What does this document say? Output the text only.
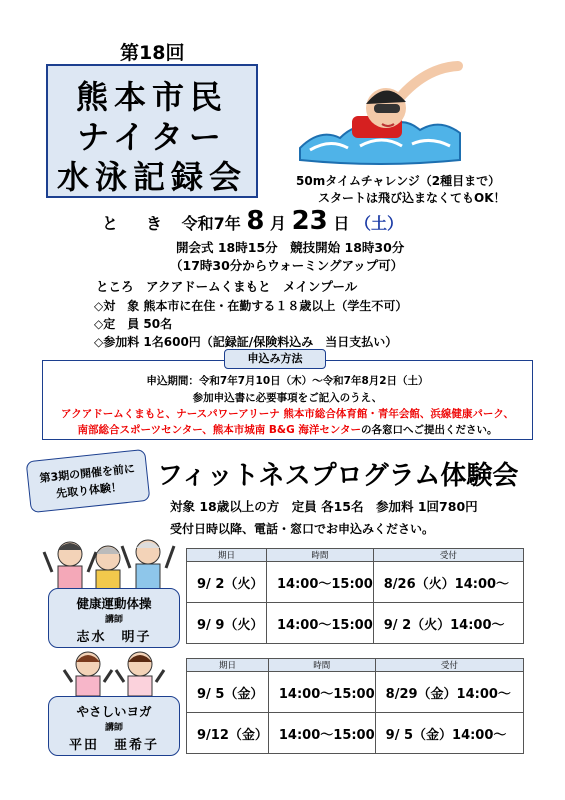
第18回
熊本市民
ナイター
水泳記録会	50mタイムチャレンジ（2種目まで）
スタートは飛び込まなくてもOK！
と　き 令和7年 8 月 23 日 （土）
開会式 18時15分　競技開始 18時30分
（17時30分からウォーミングアップ可）
ところ　アクアドームくまもと　メインプール
◇対　象 熊本市に在住・在勤する１８歳以上（学生不可）
◇定　員 50名
◇参加料 1名600円（記録証/保険料込み　当日支払い）
申込期間：令和7年7月10日（木）～令和7年8月2日（土）
参加申込書に必要事項をご記入のうえ、
アクアドームくまもと、ナースパワーアリーナ 熊本市総合体育館・青年会館、浜線健康パーク、
南部総合スポーツセンター、熊本市城南 B&G 海洋センターの各窓口へご提出ください。
申込み方法
第3期の開催を前に
先取り体験！	フィットネスプログラム体験会
対象 18歳以上の方　定員 各15名　参加料 1回780円
受付日時以降、電話・窓口でお申込みください。
健康運動体操
講師
志水　明子
やさしいヨガ
講師
平田　亜希子
期日	時間	受付
9/ 2（火）	14:00～15:00	8/26（火）14:00～
9/ 9（火）	14:00～15:00	9/ 2（火）14:00～
期日	時間	受付
9/ 5（金）	14:00～15:00	8/29（金）14:00～
9/12（金）	14:00～15:00	9/ 5（金）14:00～
